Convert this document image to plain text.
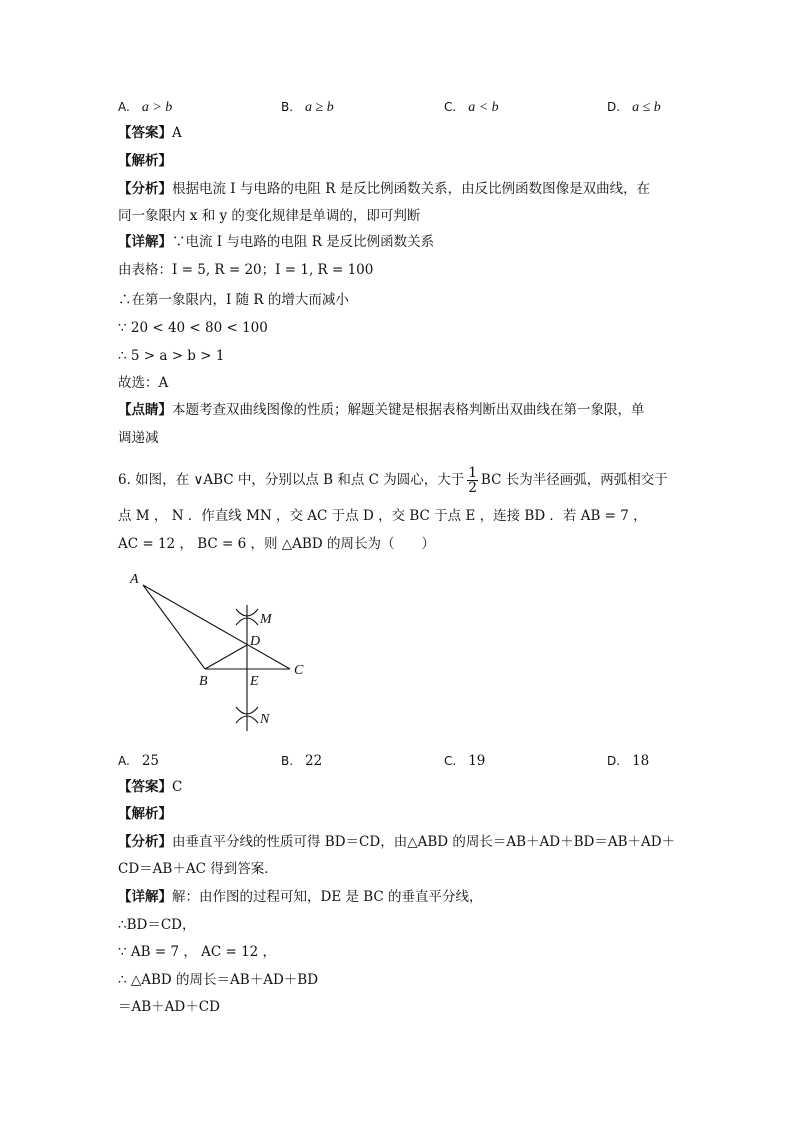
A. a > b	B. a ≥ b	C. a < b	D. a ≤ b
【答案】A
【解析】
【分析】根据电流 I 与电路的电阻 R 是反比例函数关系，由反比例函数图像是双曲线，在
同一象限内 x 和 y 的变化规律是单调的，即可判断
【详解】∵电流 I 与电路的电阻 R 是反比例函数关系
由表格：I = 5, R = 20；I = 1, R = 100
∴在第一象限内，I 随 R 的增大而减小
∵ 20 < 40 < 80 < 100
∴ 5 > a > b > 1
故选：A
【点睛】本题考查双曲线图像的性质；解题关键是根据表格判断出双曲线在第一象限，单
调递减
6. 如图，在 ∨ABC 中，分别以点 B 和点 C 为圆心，大于 $\frac{1}{2}$ BC 长为半径画弧，两弧相交于
点 M ， N ．作直线 MN ，交 AC 于点 D ，交 BC 于点 E ，连接 BD ．若 AB = 7 ，
AC = 12 ， BC = 6 ，则 △ABD 的周长为（　　）
A
B
C
D
E
M
N
A. 25	B. 22	C. 19	D. 18
【答案】C
【解析】
【分析】由垂直平分线的性质可得 BD＝CD，由△ABD 的周长＝AB＋AD＋BD＝AB＋AD＋
CD＝AB＋AC 得到答案．
【详解】解：由作图的过程可知，DE 是 BC 的垂直平分线，
∴BD＝CD，
∵ AB = 7 ， AC = 12 ，
∴ △ABD 的周长＝AB＋AD＋BD
＝AB＋AD＋CD
